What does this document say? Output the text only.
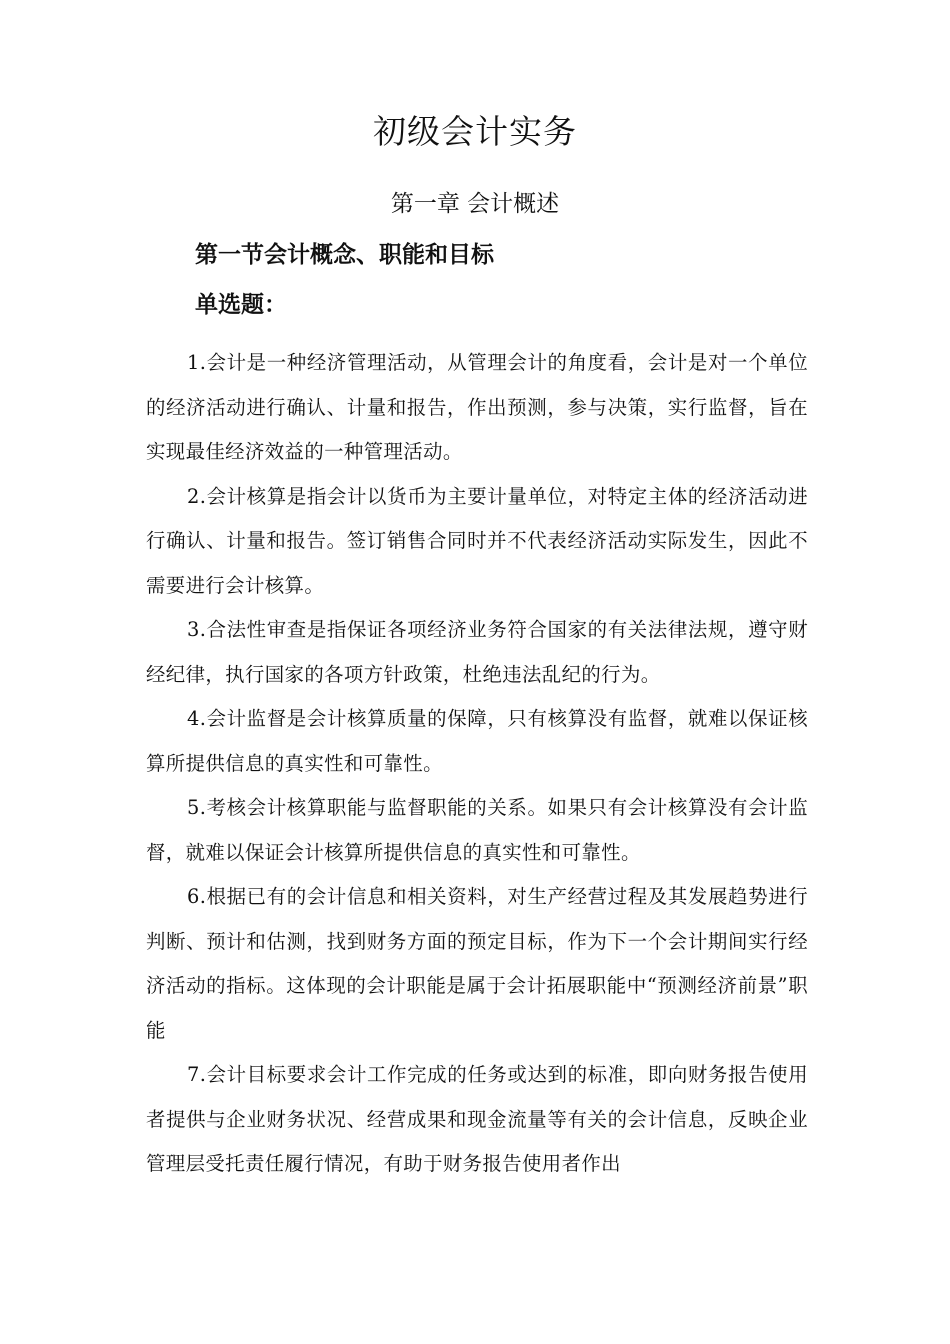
初级会计实务
第一章 会计概述
第一节会计概念、职能和目标
单选题：

1.会计是一种经济管理活动，从管理会计的角度看，会计是对一个单位的经济活动进行确认、计量和报告，作出预测，参与决策，实行监督，旨在实现最佳经济效益的一种管理活动。

2.会计核算是指会计以货币为主要计量单位，对特定主体的经济活动进行确认、计量和报告。签订销售合同时并不代表经济活动实际发生，因此不需要进行会计核算。

3.合法性审查是指保证各项经济业务符合国家的有关法律法规，遵守财经纪律，执行国家的各项方针政策，杜绝违法乱纪的行为。

4.会计监督是会计核算质量的保障，只有核算没有监督，就难以保证核算所提供信息的真实性和可靠性。

5.考核会计核算职能与监督职能的关系。如果只有会计核算没有会计监督，就难以保证会计核算所提供信息的真实性和可靠性。

6.根据已有的会计信息和相关资料，对生产经营过程及其发展趋势进行判断、预计和估测，找到财务方面的预定目标，作为下一个会计期间实行经济活动的指标。这体现的会计职能是属于会计拓展职能中“预测经济前景”职能

7.会计目标要求会计工作完成的任务或达到的标准，即向财务报告使用者提供与企业财务状况、经营成果和现金流量等有关的会计信息，反映企业管理层受托责任履行情况，有助于财务报告使用者作出
